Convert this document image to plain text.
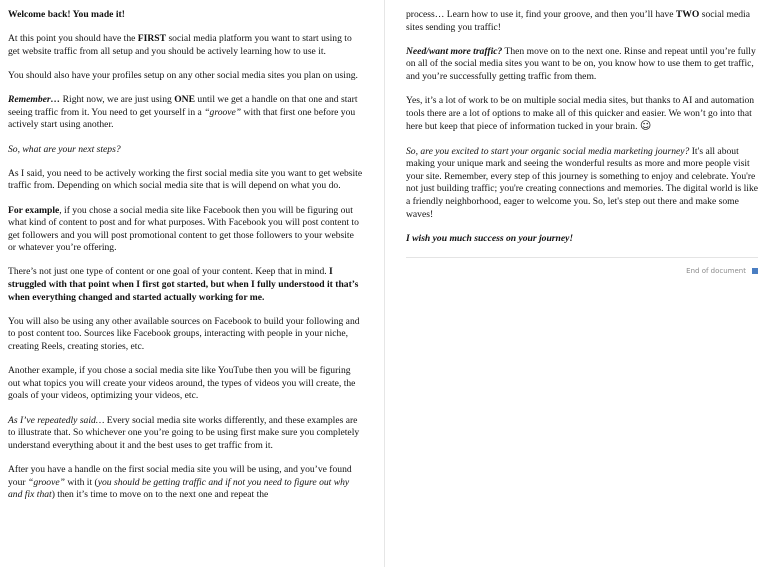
Welcome back! You made it!

At this point you should have the FIRST social media platform you want to start using to get website traffic from all setup and you should be actively learning how to use it.

You should also have your profiles setup on any other social media sites you plan on using.

Remember… Right now, we are just using ONE until we get a handle on that one and start seeing traffic from it. You need to get yourself in a “groove” with that first one before you actively start using another.

So, what are your next steps?

As I said, you need to be actively working the first social media site you want to get website traffic from. Depending on which social media site that is will depend on what you do.

For example, if you chose a social media site like Facebook then you will be figuring out what kind of content to post and for what purposes. With Facebook you will post content to get followers and you will post promotional content to get those followers to your website or whatever you’re offering.

There’s not just one type of content or one goal of your content. Keep that in mind. I struggled with that point when I first got started, but when I fully understood it that’s when everything changed and started actually working for me.

You will also be using any other available sources on Facebook to build your following and to post content too. Sources like Facebook groups, interacting with people in your niche, creating Reels, creating stories, etc.

Another example, if you chose a social media site like YouTube then you will be figuring out what topics you will create your videos around, the types of videos you will create, the goals of your videos, optimizing your videos, etc.

As I’ve repeatedly said… Every social media site works differently, and these examples are to illustrate that. So whichever one you’re going to be using first make sure you completely understand everything about it and the best uses to get traffic from it.

After you have a handle on the first social media site you will be using, and you’ve found your “groove” with it (you should be getting traffic and if not you need to figure out why and fix that) then it’s time to move on to the next one and repeat the

process… Learn how to use it, find your groove, and then you’ll have TWO social media sites sending you traffic!

Need/want more traffic? Then move on to the next one. Rinse and repeat until you’re fully on all of the social media sites you want to be on, you know how to use them to get traffic, and you’re successfully getting traffic from them.

Yes, it’s a lot of work to be on multiple social media sites, but thanks to AI and automation tools there are a lot of options to make all of this quicker and easier. We won’t go into that here but keep that piece of information tucked in your brain. ☺

So, are you excited to start your organic social media marketing journey? It's all about making your unique mark and seeing the wonderful results as more and more people visit your site. Remember, every step of this journey is something to enjoy and celebrate. You're not just building traffic; you're creating connections and memories. The digital world is like a friendly neighborhood, eager to welcome you. So, let's step out there and make some waves!

I wish you much success on your journey!

End of document
